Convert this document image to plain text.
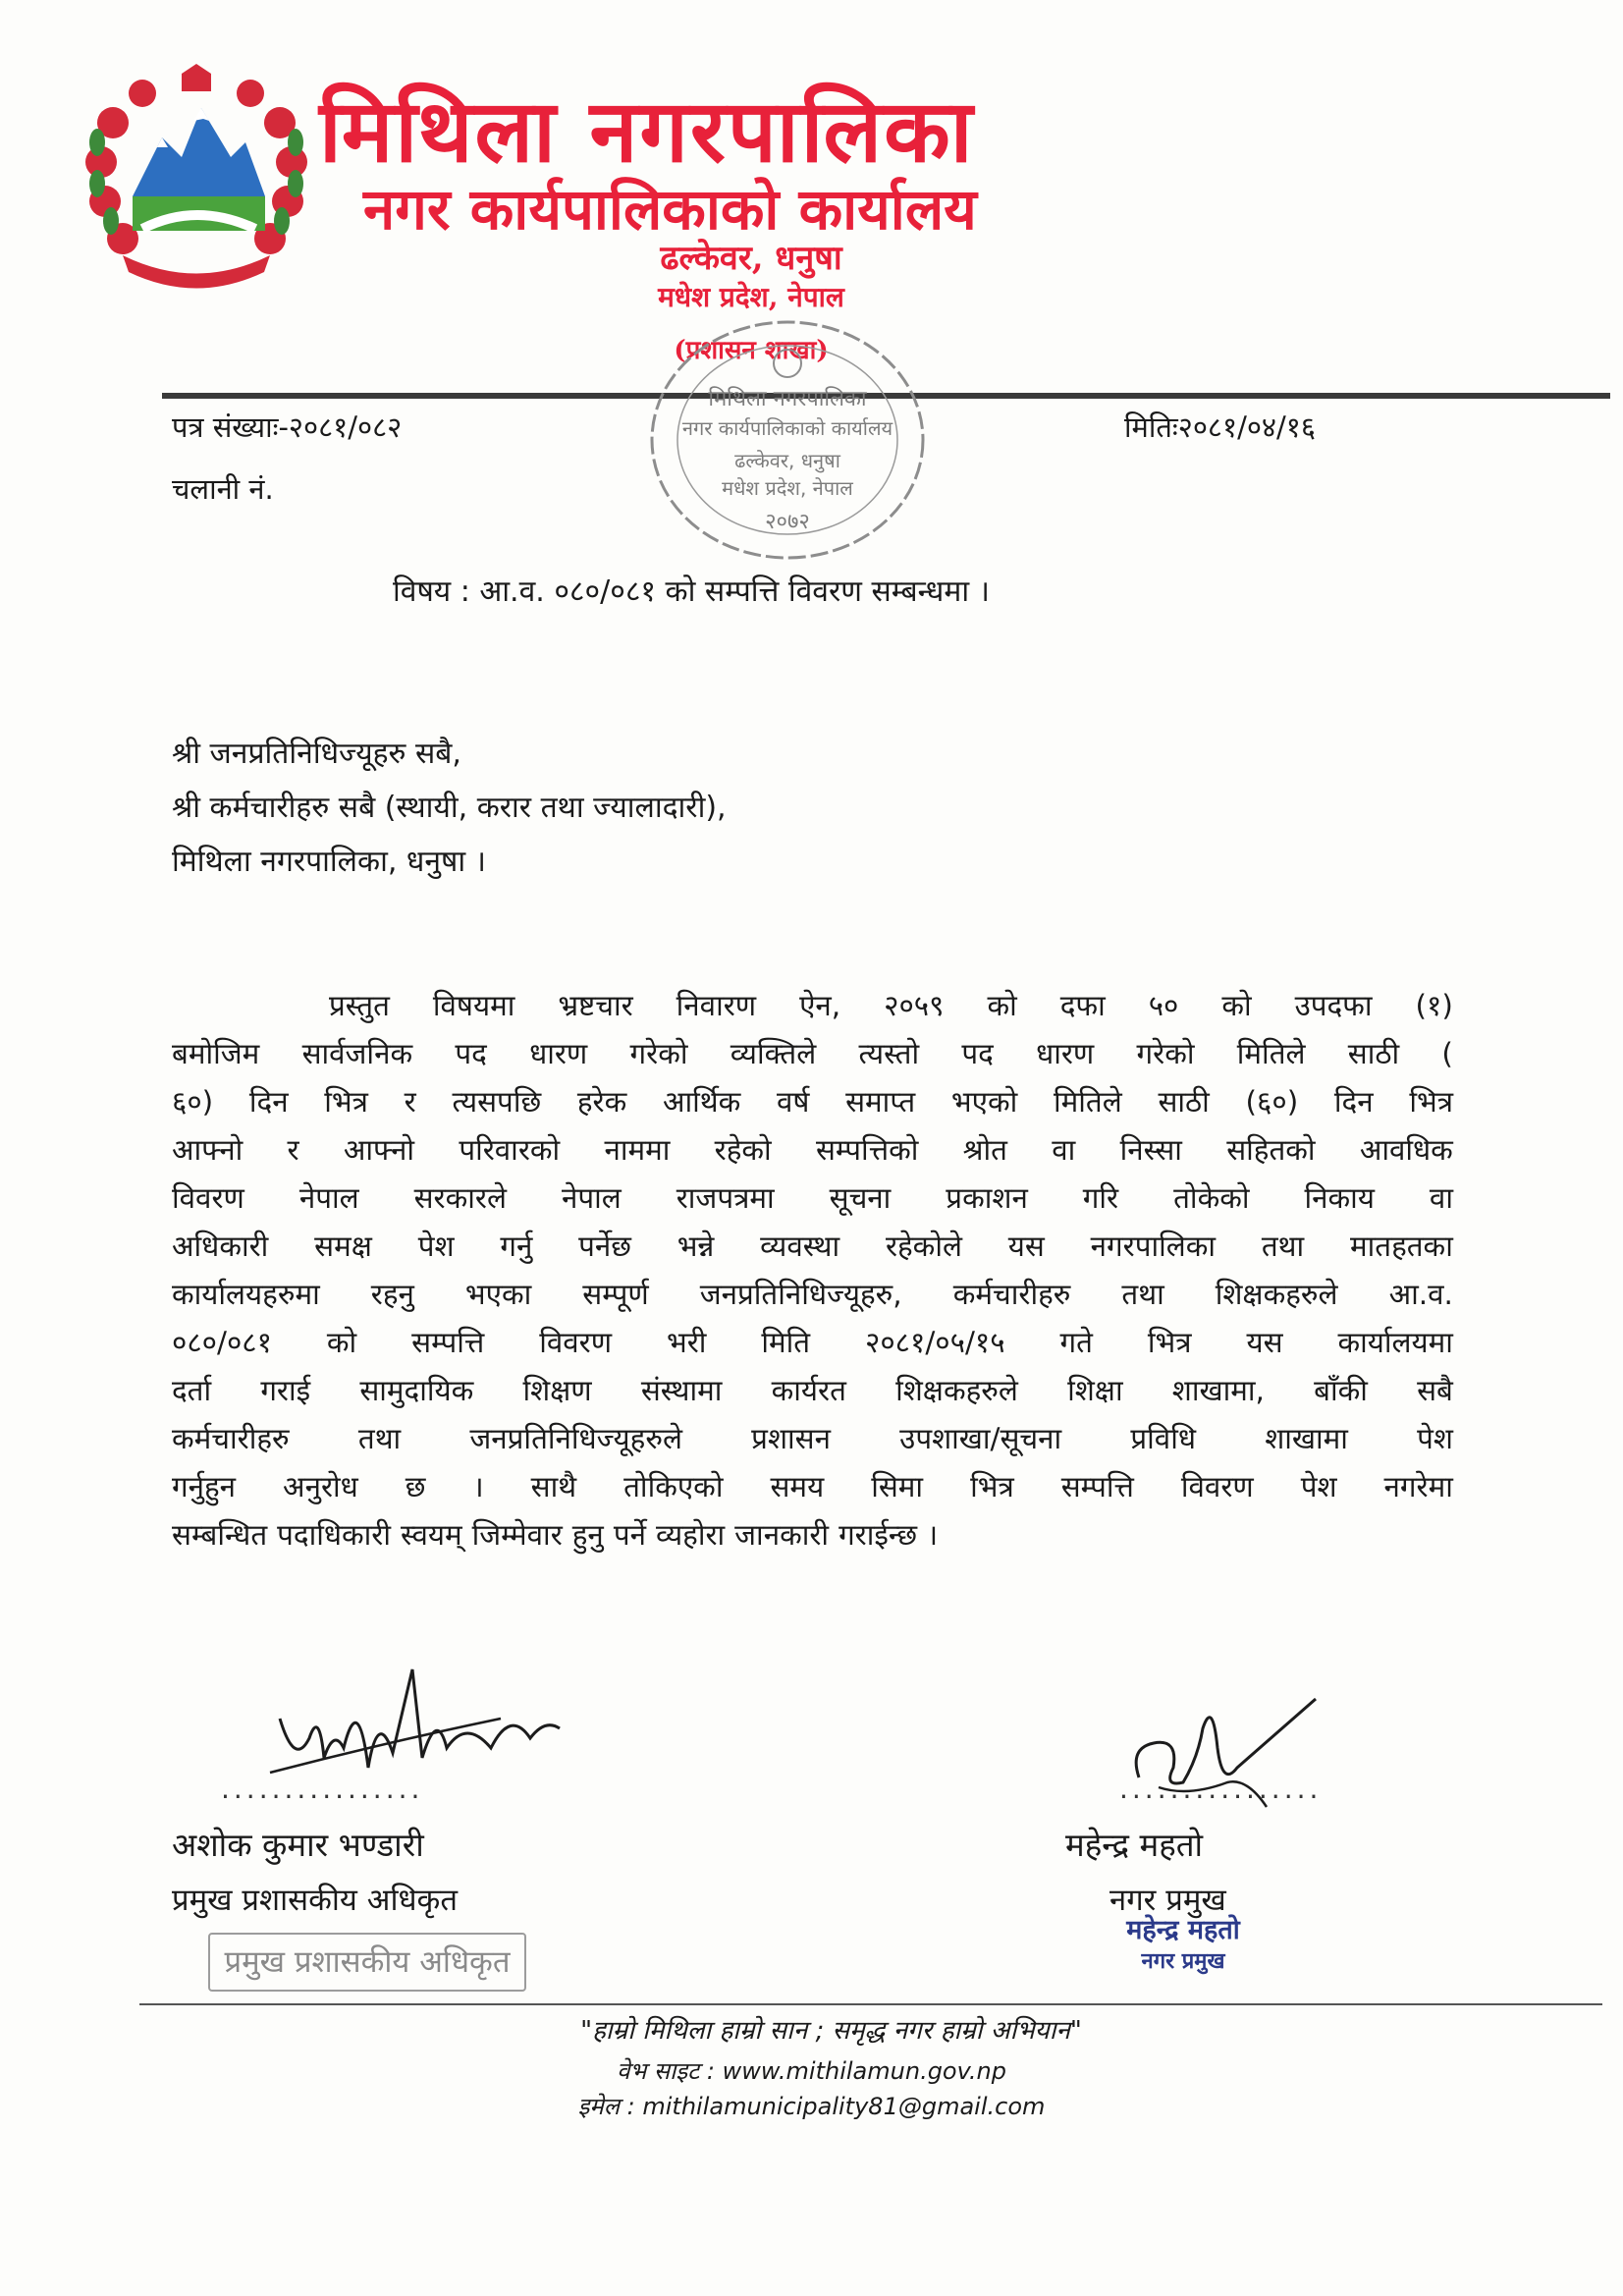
मिथिला नगरपालिका
नगर कार्यपालिकाको कार्यालय
ढल्केवर, धनुषा
मधेश प्रदेश, नेपाल
(प्रशासन शाखा)
मिथिला नगरपालिका
नगर कार्यपालिकाको कार्यालय
ढल्केवर, धनुषा
मधेश प्रदेश, नेपाल
२०७२
पत्र संख्याः-२०८१/०८२
चलानी नं.
मितिः२०८१/०४/१६
विषय : आ.व. ०८०/०८१ को सम्पत्ति विवरण सम्बन्धमा ।
श्री जनप्रतिनिधिज्यूहरु सबै,
श्री कर्मचारीहरु सबै (स्थायी, करार तथा ज्यालादारी),
मिथिला नगरपालिका, धनुषा ।
प्रस्तुत विषयमा भ्रष्टचार निवारण ऐन, २०५९ को दफा ५० को उपदफा (१)
बमोजिम सार्वजनिक पद धारण गरेको व्यक्तिले त्यस्तो पद धारण गरेको मितिले साठी (
६०) दिन भित्र र त्यसपछि हरेक आर्थिक वर्ष समाप्त भएको मितिले साठी (६०) दिन भित्र
आफ्नो र आफ्नो परिवारको नाममा रहेको सम्पत्तिको श्रोत वा निस्सा सहितको आवधिक
विवरण नेपाल सरकारले नेपाल राजपत्रमा सूचना प्रकाशन गरि तोकेको निकाय वा
अधिकारी समक्ष पेश गर्नु पर्नेछ भन्ने व्यवस्था रहेकोले यस नगरपालिका तथा मातहतका
कार्यालयहरुमा रहनु भएका सम्पूर्ण जनप्रतिनिधिज्यूहरु, कर्मचारीहरु तथा शिक्षकहरुले आ.व.
०८०/०८१ को सम्पत्ति विवरण भरी मिति २०८१/०५/१५ गते भित्र यस कार्यालयमा
दर्ता गराई सामुदायिक शिक्षण संस्थामा कार्यरत शिक्षकहरुले शिक्षा शाखामा, बाँकी सबै
कर्मचारीहरु तथा जनप्रतिनिधिज्यूहरुले प्रशासन उपशाखा/सूचना प्रविधि शाखामा पेश
गर्नुहुन अनुरोध छ । साथै तोकिएको समय सिमा भित्र सम्पत्ति विवरण पेश नगरेमा
सम्बन्धित पदाधिकारी स्वयम् जिम्मेवार हुनु पर्ने व्यहोरा जानकारी गराईन्छ ।
................	................
अशोक कुमार भण्डारी
प्रमुख प्रशासकीय अधिकृत
प्रमुख प्रशासकीय अधिकृत
महेन्द्र महतो
नगर प्रमुख
महेन्द्र महतो
नगर प्रमुख
"हाम्रो मिथिला हाम्रो सान ; समृद्ध नगर हाम्रो अभियान"
वेभ साइट : www.mithilamun.gov.np
इमेल : mithilamunicipality81@gmail.com
